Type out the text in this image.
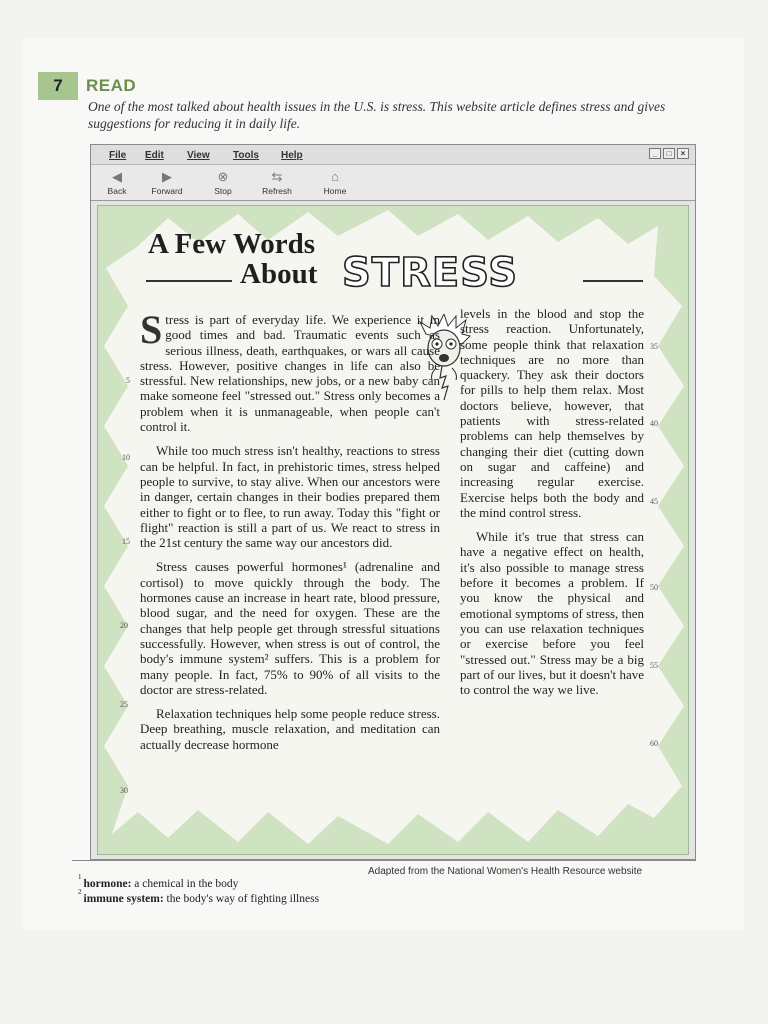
7	READ
One of the most talked about health issues in the U.S. is stress. This website article defines stress and gives suggestions for reducing it in daily life.
File Edit View Tools Help	_	□	×
◀
Back
▶
Forward
⊗
Stop
⇆
Refresh
⌂
Home
A Few Words
About STRESS

Stress is part of everyday life. We experience it in good times and bad. Traumatic events such as serious illness, death, earthquakes, or wars all cause stress. However, positive changes in life can also be stressful. New relationships, new jobs, or a new baby can make someone feel "stressed out." Stress only becomes a problem when it is unmanageable, when people can't control it.

While too much stress isn't healthy, reactions to stress can be helpful. In fact, in prehistoric times, stress helped people to survive, to stay alive. When our ancestors were in danger, certain changes in their bodies prepared them either to fight or to flee, to run away. Today this "fight or flight" reaction is still a part of us. We react to stress in the 21st century the same way our ancestors did.

Stress causes powerful hormones¹ (adrenaline and cortisol) to move quickly through the body. The hormones cause an increase in heart rate, blood pressure, blood sugar, and the need for oxygen. These are the changes that help people get through stressful situations successfully. However, when stress is out of control, the body's immune system² suffers. This is a problem for many people. In fact, 75% to 90% of all visits to the doctor are stress-related.

Relaxation techniques help some people reduce stress. Deep breathing, muscle relaxation, and meditation can actually decrease hormone

levels in the blood and stop the stress reaction. Unfortunately, some people think that relaxation techniques are no more than quackery. They ask their doctors for pills to help them relax. Most doctors believe, however, that patients with stress-related problems can help themselves by changing their diet (cutting down on sugar and caffeine) and increasing regular exercise. Exercise helps both the body and the mind control stress.

While it's true that stress can have a negative effect on health, it's also possible to manage stress before it becomes a problem. If you know the physical and emotional symptoms of stress, then you can use relaxation techniques or exercise before you feel "stressed out." Stress may be a big part of our lives, but it doesn't have to control the way we live.

5
10
15
20
25
30
35
40
45
50
55
60
Adapted from the National Women's Health Resource website
$^1$hormone: a chemical in the body
$^2$immune system: the body's way of fighting illness
